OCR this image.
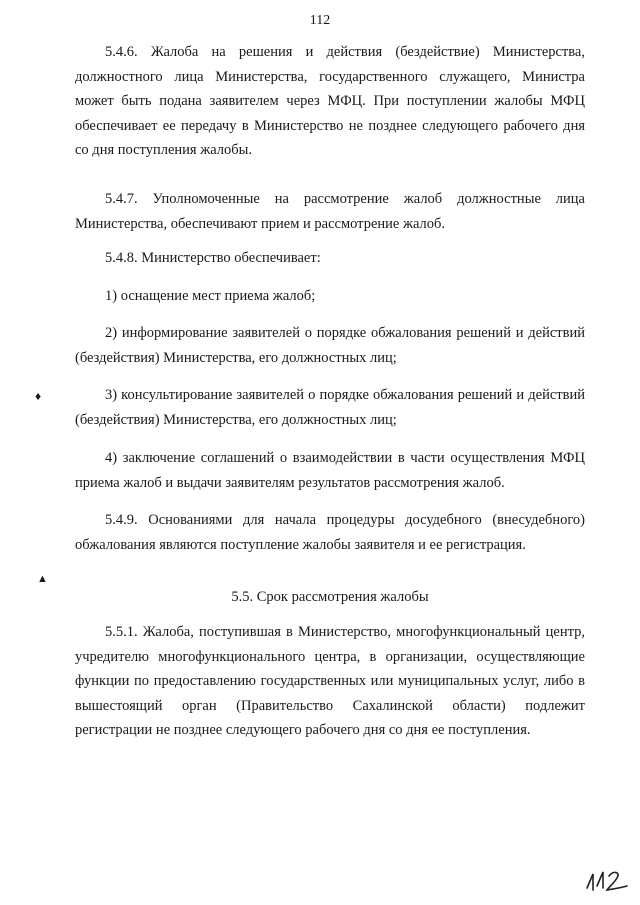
112
5.4.6. Жалоба на решения и действия (бездействие) Министерства, должностного лица Министерства, государственного служащего, Министра может быть подана заявителем через МФЦ. При поступлении жалобы МФЦ обеспечивает ее передачу в Министерство не позднее следующего рабочего дня со дня поступления жалобы.
5.4.7. Уполномоченные на рассмотрение жалоб должностные лица Министерства, обеспечивают прием и рассмотрение жалоб.
5.4.8. Министерство обеспечивает:
1) оснащение мест приема жалоб;
2) информирование заявителей о порядке обжалования решений и действий (бездействия) Министерства, его должностных лиц;
3) консультирование заявителей о порядке обжалования решений и действий (бездействия) Министерства, его должностных лиц;
4) заключение соглашений о взаимодействии в части осуществления МФЦ приема жалоб и выдачи заявителям результатов рассмотрения жалоб.
5.4.9. Основаниями для начала процедуры досудебного (внесудебного) обжалования являются поступление жалобы заявителя и ее регистрация.
5.5. Срок рассмотрения жалобы
5.5.1. Жалоба, поступившая в Министерство, многофункциональный центр, учредителю многофункционального центра, в организации, осуществляющие функции по предоставлению государственных или муниципальных услуг, либо в вышестоящий орган (Правительство Сахалинской области) подлежит регистрации не позднее следующего рабочего дня со дня ее поступления.
♦
▲
